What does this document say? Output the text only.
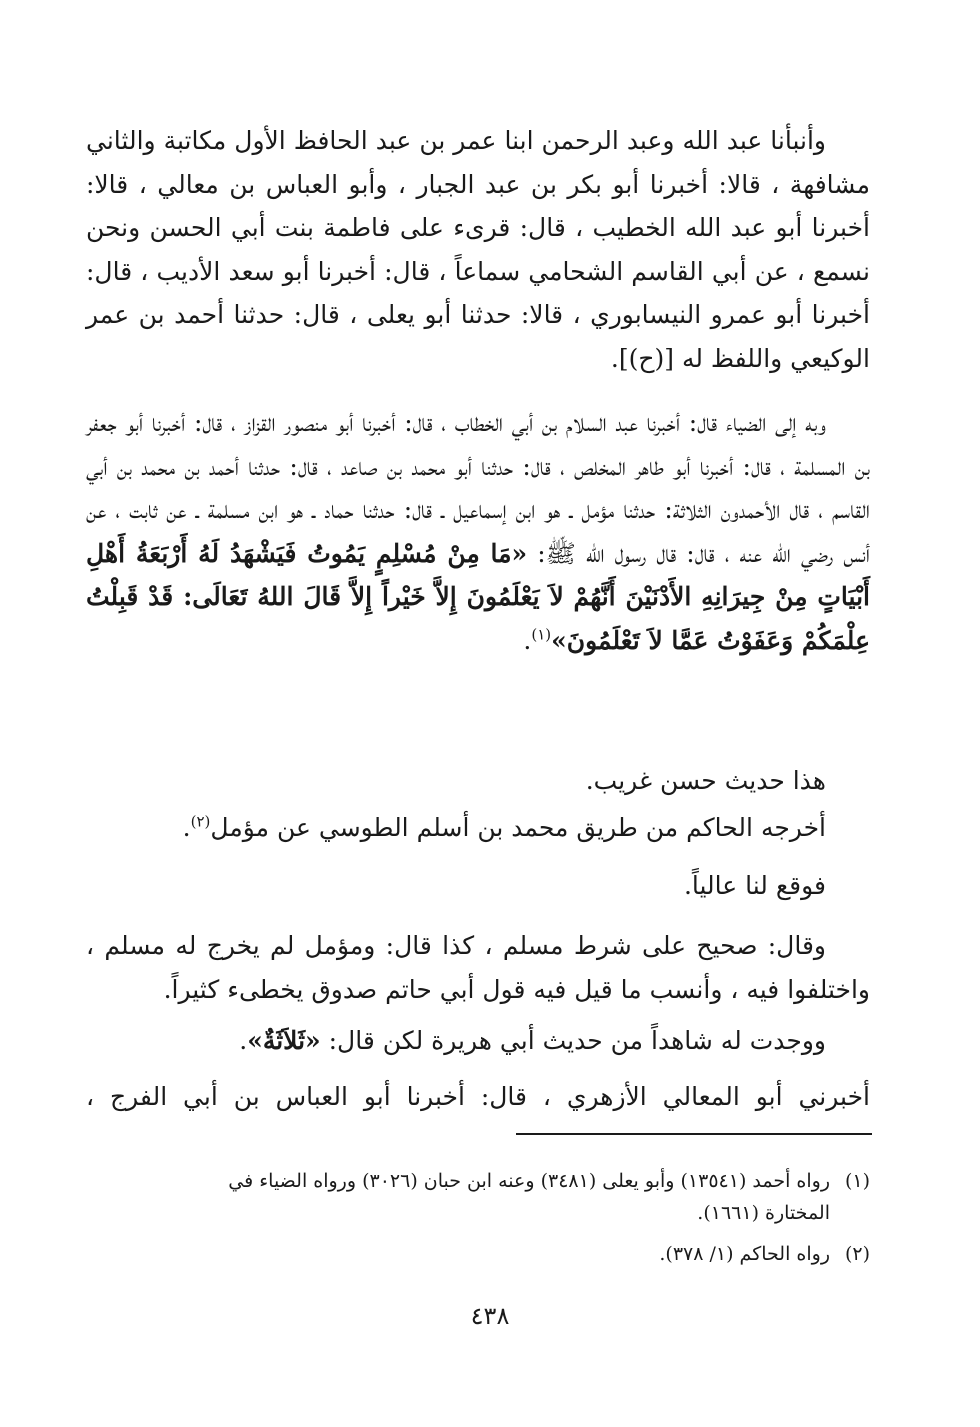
وأنبأنا عبد الله وعبد الرحمن ابنا عمر بن عبد الحافظ الأول مكاتبة والثاني مشافهة ، قالا: أخبرنا أبو بكر بن عبد الجبار ، وأبو العباس بن معالي ، قالا: أخبرنا أبو عبد الله الخطيب ، قال: قرىء على فاطمة بنت أبي الحسن ونحن نسمع ، عن أبي القاسم الشحامي سماعاً ، قال: أخبرنا أبو سعد الأديب ، قال: أخبرنا أبو عمرو النيسابوري ، قالا: حدثنا أبو يعلى ، قال: حدثنا أحمد بن عمر الوكيعي واللفظ له [(ح)].

وبه إلى الضياء قال: أخبرنا عبد السلام بن أبي الخطاب ، قال: أخبرنا أبو منصور القزاز ، قال: أخبرنا أبو جعفر بن المسلمة ، قال: أخبرنا أبو طاهر المخلص ، قال: حدثنا أبو محمد بن صاعد ، قال: حدثنا أحمد بن محمد بن أبي القاسم ، قال الأحمدون الثلاثة: حدثنا مؤمل ـ هو ابن إسماعيل ـ قال: حدثنا حماد ـ هو ابن مسلمة ـ عن ثابت ، عن أنس رضي الله عنه ، قال: قال رسول الله ﷺ: «مَا مِنْ مُسْلِمٍ يَمُوتُ فَيَشْهَدُ لَهُ أَرْبَعَةُ أَهْلِ أَبْيَاتٍ مِنْ جِيرَانِهِ الأَدْنَيْنَ أَنَّهُمْ لاَ يَعْلَمُونَ إِلاَّ خَيْراً إِلاَّ قَالَ اللهُ تَعَالَى: قَدْ قَبِلْتُ عِلْمَكُمْ وَعَفَوْتُ عَمَّا لاَ تَعْلَمُونَ»$^{(١)}$.

هذا حديث حسن غريب.

أخرجه الحاكم من طريق محمد بن أسلم الطوسي عن مؤمل$^{(٢)}$.

فوقع لنا عالياً.

وقال: صحيح على شرط مسلم ، كذا قال: ومؤمل لم يخرج له مسلم ، واختلفوا فيه ، وأنسب ما قيل فيه قول أبي حاتم صدوق يخطىء كثيراً.

ووجدت له شاهداً من حديث أبي هريرة لكن قال: «ثَلاَثَةٌ».

أخبرني أبو المعالي الأزهري ، قال: أخبرنا أبو العباس بن أبي الفرج ،

(١)رواه أحمد (١٣٥٤١) وأبو يعلى (٣٤٨١) وعنه ابن حبان (٣٠٢٦) ورواه الضياء في
المختارة (١٦٦١).
(٢)رواه الحاكم (١/ ٣٧٨).
٤٣٨
